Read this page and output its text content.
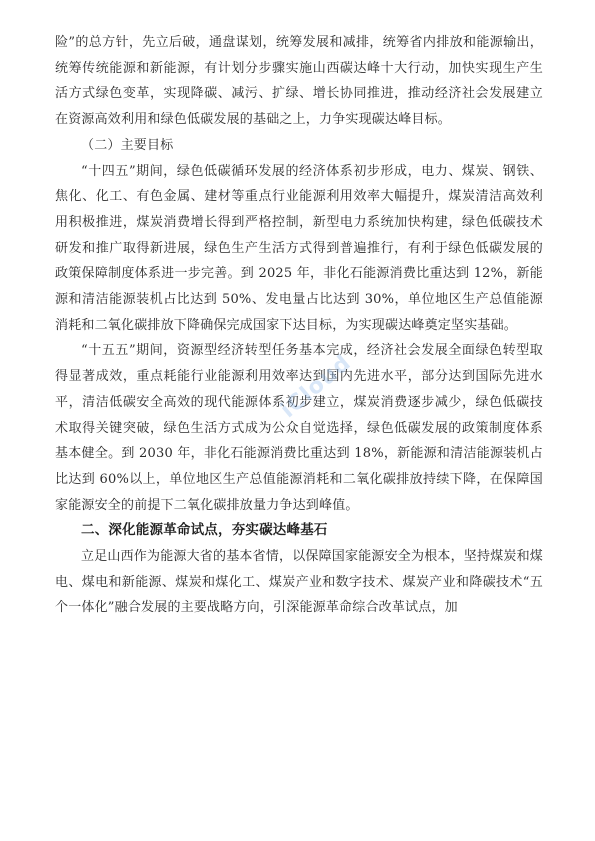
险”的总方针，先立后破，通盘谋划，统筹发展和减排，统筹省内排放和能源输出，统筹传统能源和新能源，有计划分步骤实施山西碳达峰十大行动，加快实现生产生活方式绿色变革，实现降碳、减污、扩绿、增长协同推进，推动经济社会发展建立在资源高效利用和绿色低碳发展的基础之上，力争实现碳达峰目标。

（二）主要目标

“十四五”期间，绿色低碳循环发展的经济体系初步形成，电力、煤炭、钢铁、焦化、化工、有色金属、建材等重点行业能源利用效率大幅提升，煤炭清洁高效利用积极推进，煤炭消费增长得到严格控制，新型电力系统加快构建，绿色低碳技术研发和推广取得新进展，绿色生产生活方式得到普遍推行，有利于绿色低碳发展的政策保障制度体系进一步完善。到 2025 年，非化石能源消费比重达到 12%，新能源和清洁能源装机占比达到 50%、发电量占比达到 30%，单位地区生产总值能源消耗和二氧化碳排放下降确保完成国家下达目标，为实现碳达峰奠定坚实基础。

“十五五”期间，资源型经济转型任务基本完成，经济社会发展全面绿色转型取得显著成效，重点耗能行业能源利用效率达到国内先进水平，部分达到国际先进水平，清洁低碳安全高效的现代能源体系初步建立，煤炭消费逐步减少，绿色低碳技术取得关键突破，绿色生活方式成为公众自觉选择，绿色低碳发展的政策制度体系基本健全。到 2030 年，非化石能源消费比重达到 18%，新能源和清洁能源装机占比达到 60%以上，单位地区生产总值能源消耗和二氧化碳排放持续下降，在保障国家能源安全的前提下二氧化碳排放量力争达到峰值。

二、深化能源革命试点，夯实碳达峰基石

立足山西作为能源大省的基本省情，以保障国家能源安全为根本，坚持煤炭和煤电、煤电和新能源、煤炭和煤化工、煤炭产业和数字技术、煤炭产业和降碳技术“五个一体化”融合发展的主要战略方向，引深能源革命综合改革试点，加

iCloud
